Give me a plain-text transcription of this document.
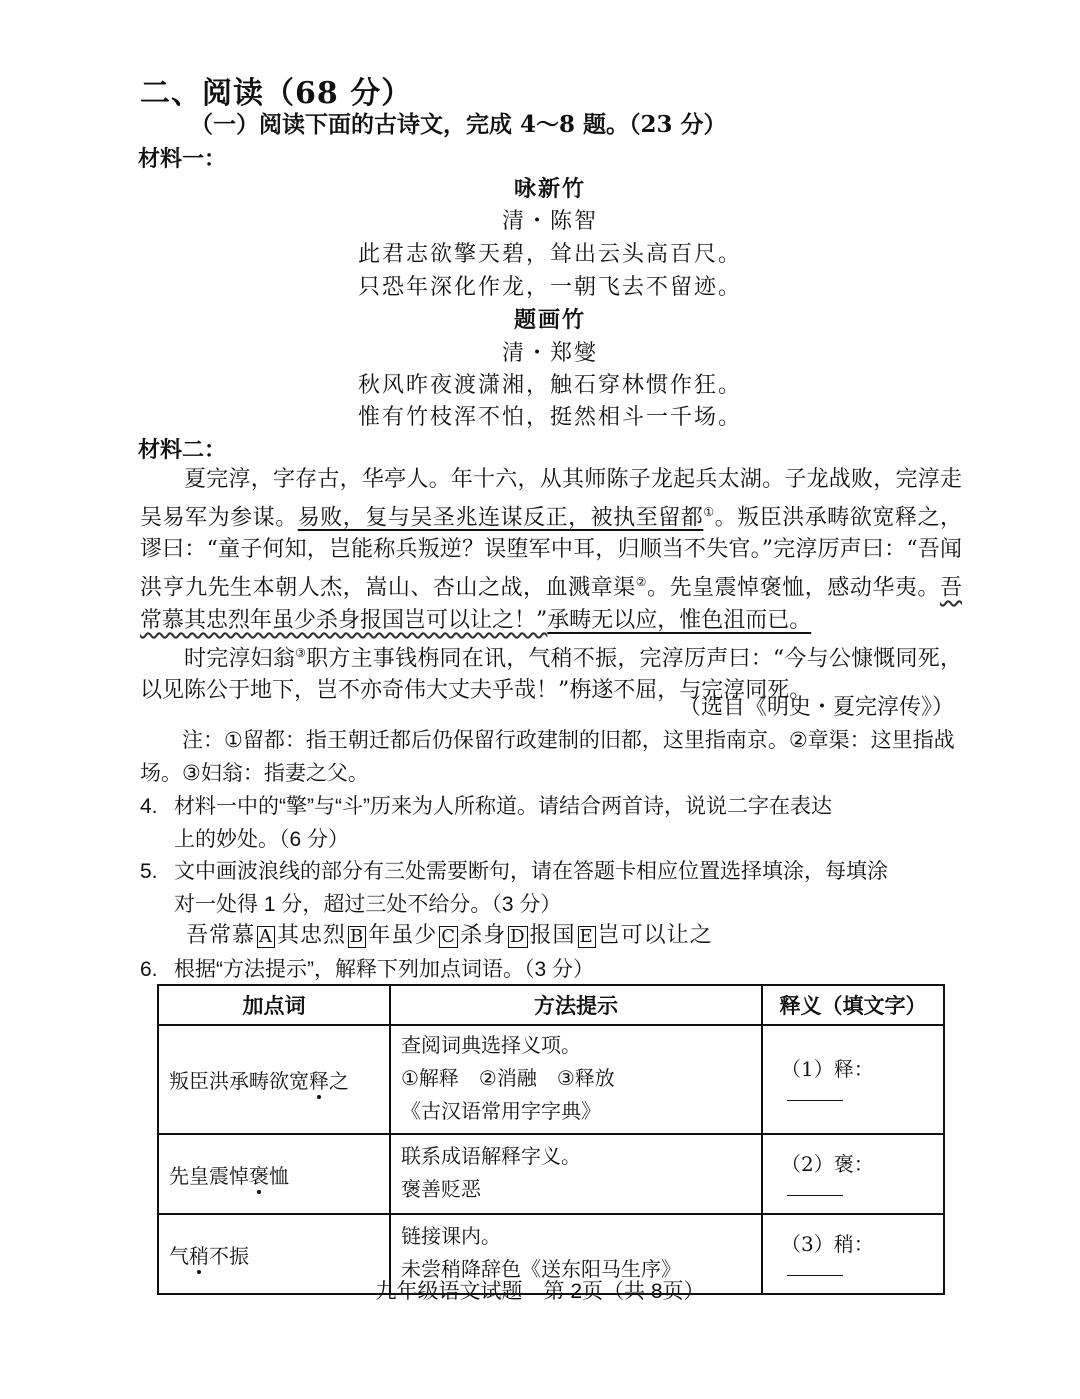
二、阅读（68 分）
（一）阅读下面的古诗文，完成 4～8 题。（23 分）
材料一：
咏新竹
清・陈智
此君志欲擎天碧，耸出云头高百尺。
只恐年深化作龙，一朝飞去不留迹。
题画竹
清・郑燮
秋风昨夜渡潇湘，触石穿林惯作狂。
惟有竹枝浑不怕，挺然相斗一千场。
材料二：

夏完淳，字存古，华亭人。年十六，从其师陈子龙起兵太湖。子龙战败，完淳走吴易军为参谋。易败，复与吴圣兆连谋反正，被执至留都①。叛臣洪承畴欲宽释之，谬曰：“童子何知，岂能称兵叛逆？误堕军中耳，归顺当不失官。”完淳厉声曰：“吾闻洪亨九先生本朝人杰，嵩山、杏山之战，血溅章渠②。先皇震悼褒恤，感动华夷。吾常慕其忠烈年虽少杀身报国岂可以让之！”承畴无以应，惟色沮而已。

时完淳妇翁③职方主事钱栴同在讯，气稍不振，完淳厉声曰：“今与公慷慨同死，以见陈公于地下，岂不亦奇伟大丈夫乎哉！”栴遂不屈，与完淳同死。

（选自《明史・夏完淳传》）

注：①留都：指王朝迁都后仍保留行政建制的旧都，这里指南京。②章渠：这里指战场。③妇翁：指妻之父。

4. 材料一中的“擎”与“斗”历来为人所称道。请结合两首诗，说说二字在表达
上的妙处。（6 分）
5. 文中画波浪线的部分有三处需要断句，请在答题卡相应位置选择填涂，每填涂
对一处得 1 分，超过三处不给分。（3 分）
吾常慕 A 其忠烈 B 年虽少 C 杀身 D 报国 E 岂可以让之
6. 根据“方法提示”，解释下列加点词语。（3 分）
加点词	方法提示	释义（填文字）
叛臣洪承畴欲宽释之	查阅词典选择义项。
①解释　②消融　③释放
《古汉语常用字字典》	（1）释：
先皇震悼褒恤	联系成语解释字义。
褒善贬恶	（2）褒：
气稍不振	链接课内。
未尝稍降辞色《送东阳马生序》	（3）稍：
九年级语文试题　第 2页（共 8页）
